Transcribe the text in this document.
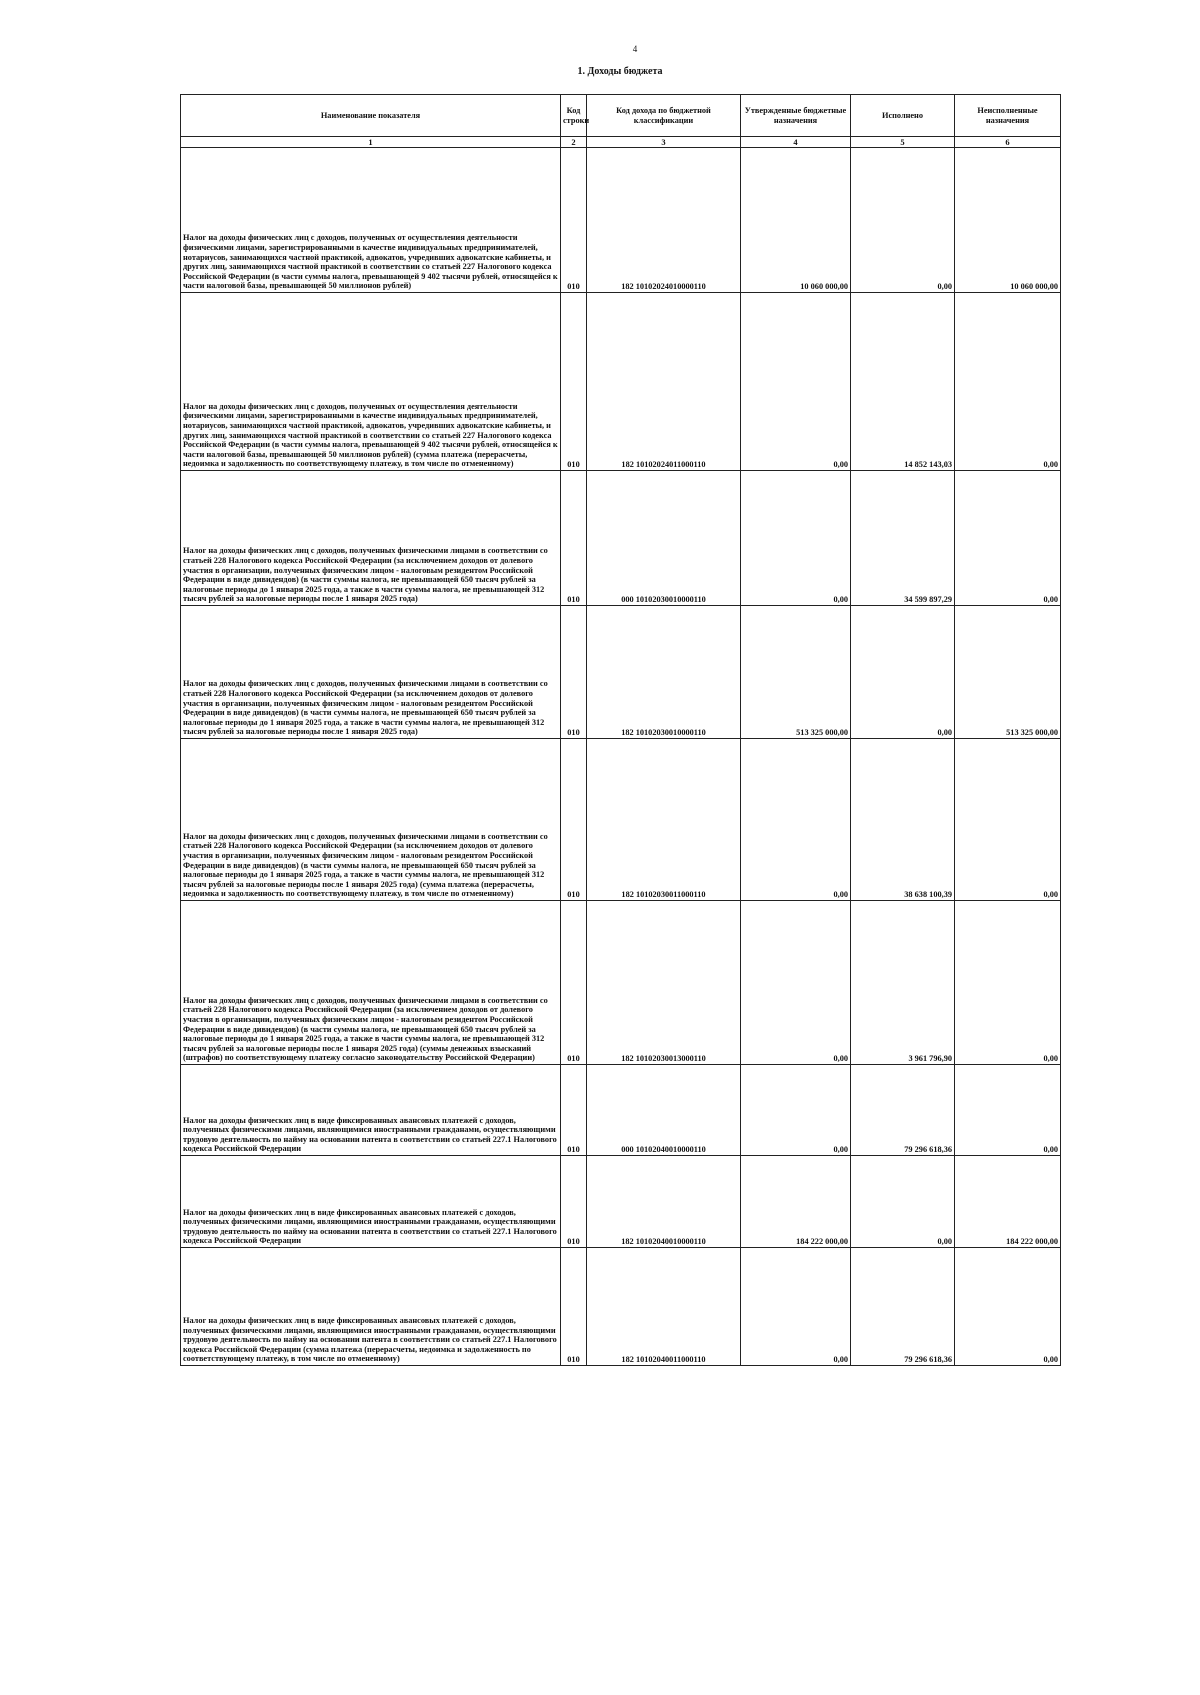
4
1. Доходы бюджета
Наименование показателя	Код строки	Код дохода по бюджетной классификации	Утвержденные бюджетные назначения	Исполнено	Неисполненные назначения
1	2	3	4	5	6
Налог на доходы физических лиц с доходов, полученных от осуществления деятельности физическими лицами, зарегистрированными в качестве индивидуальных предпринимателей, нотариусов, занимающихся частной практикой, адвокатов, учредивших адвокатские кабинеты, и других лиц, занимающихся частной практикой в соответствии со статьей 227 Налогового кодекса Российской Федерации (в части суммы налога, превышающей 9 402 тысячи рублей, относящейся к части налоговой базы, превышающей 50 миллионов рублей)	010	182 10102024010000110	10 060 000,00	0,00	10 060 000,00
Налог на доходы физических лиц с доходов, полученных от осуществления деятельности физическими лицами, зарегистрированными в качестве индивидуальных предпринимателей, нотариусов, занимающихся частной практикой, адвокатов, учредивших адвокатские кабинеты, и других лиц, занимающихся частной практикой в соответствии со статьей 227 Налогового кодекса Российской Федерации (в части суммы налога, превышающей 9 402 тысячи рублей, относящейся к части налоговой базы, превышающей 50 миллионов рублей) (сумма платежа (перерасчеты, недоимка и задолженность по соответствующему платежу, в том числе по отмененному)	010	182 10102024011000110	0,00	14 852 143,03	0,00
Налог на доходы физических лиц с доходов, полученных физическими лицами в соответствии со статьей 228 Налогового кодекса Российской Федерации (за исключением доходов от долевого участия в организации, полученных физическим лицом - налоговым резидентом Российской Федерации в виде дивидендов) (в части суммы налога, не превышающей 650 тысяч рублей за налоговые периоды до 1 января 2025 года, а также в части суммы налога, не превышающей 312 тысяч рублей за налоговые периоды после 1 января 2025 года)	010	000 10102030010000110	0,00	34 599 897,29	0,00
Налог на доходы физических лиц с доходов, полученных физическими лицами в соответствии со статьей 228 Налогового кодекса Российской Федерации (за исключением доходов от долевого участия в организации, полученных физическим лицом - налоговым резидентом Российской Федерации в виде дивидендов) (в части суммы налога, не превышающей 650 тысяч рублей за налоговые периоды до 1 января 2025 года, а также в части суммы налога, не превышающей 312 тысяч рублей за налоговые периоды после 1 января 2025 года)	010	182 10102030010000110	513 325 000,00	0,00	513 325 000,00
Налог на доходы физических лиц с доходов, полученных физическими лицами в соответствии со статьей 228 Налогового кодекса Российской Федерации (за исключением доходов от долевого участия в организации, полученных физическим лицом - налоговым резидентом Российской Федерации в виде дивидендов) (в части суммы налога, не превышающей 650 тысяч рублей за налоговые периоды до 1 января 2025 года, а также в части суммы налога, не превышающей 312 тысяч рублей за налоговые периоды после 1 января 2025 года) (сумма платежа (перерасчеты, недоимка и задолженность по соответствующему платежу, в том числе по отмененному)	010	182 10102030011000110	0,00	38 638 100,39	0,00
Налог на доходы физических лиц с доходов, полученных физическими лицами в соответствии со статьей 228 Налогового кодекса Российской Федерации (за исключением доходов от долевого участия в организации, полученных физическим лицом - налоговым резидентом Российской Федерации в виде дивидендов) (в части суммы налога, не превышающей 650 тысяч рублей за налоговые периоды до 1 января 2025 года, а также в части суммы налога, не превышающей 312 тысяч рублей за налоговые периоды после 1 января 2025 года) (суммы денежных взысканий (штрафов) по соответствующему платежу согласно законодательству Российской Федерации)	010	182 10102030013000110	0,00	3 961 796,90	0,00
Налог на доходы физических лиц в виде фиксированных авансовых платежей с доходов, полученных физическими лицами, являющимися иностранными гражданами, осуществляющими трудовую деятельность по найму на основании патента в соответствии со статьей 227.1 Налогового кодекса Российской Федерации	010	000 10102040010000110	0,00	79 296 618,36	0,00
Налог на доходы физических лиц в виде фиксированных авансовых платежей с доходов, полученных физическими лицами, являющимися иностранными гражданами, осуществляющими трудовую деятельность по найму на основании патента в соответствии со статьей 227.1 Налогового кодекса Российской Федерации	010	182 10102040010000110	184 222 000,00	0,00	184 222 000,00
Налог на доходы физических лиц в виде фиксированных авансовых платежей с доходов, полученных физическими лицами, являющимися иностранными гражданами, осуществляющими трудовую деятельность по найму на основании патента в соответствии со статьей 227.1 Налогового кодекса Российской Федерации (сумма платежа (перерасчеты, недоимка и задолженность по соответствующему платежу, в том числе по отмененному)	010	182 10102040011000110	0,00	79 296 618,36	0,00
